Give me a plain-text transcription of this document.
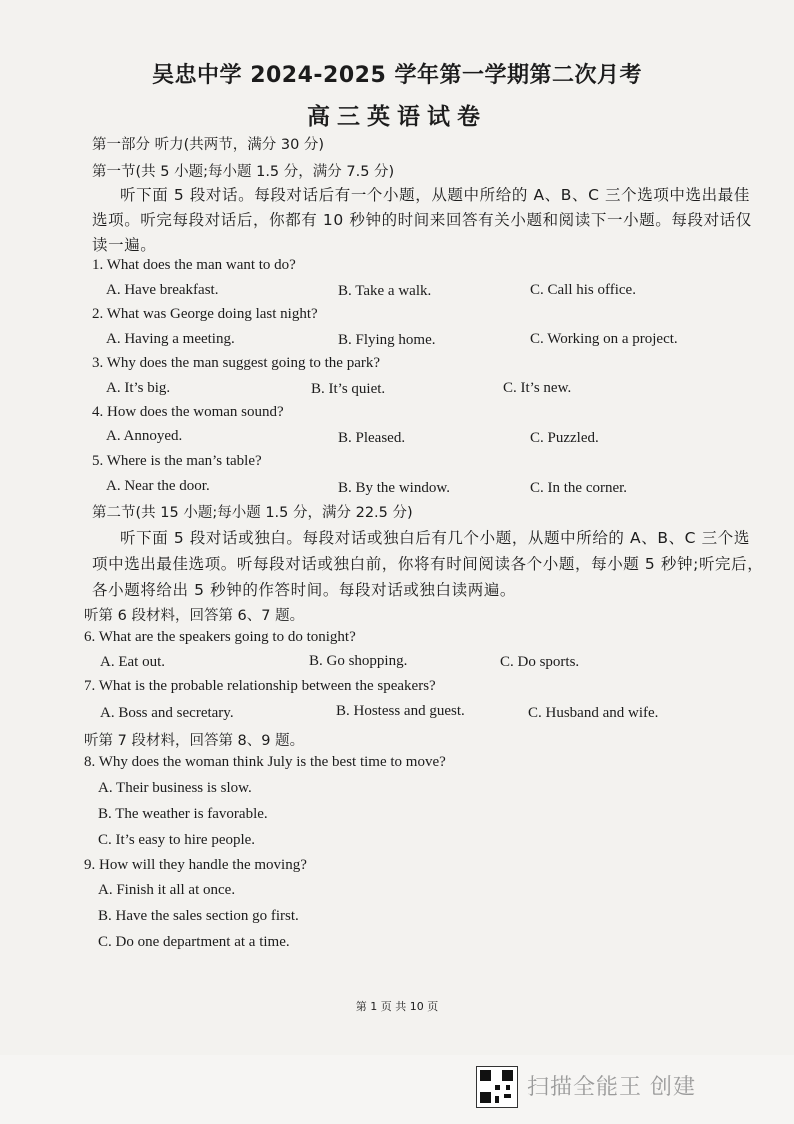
吴忠中学 2024-2025 学年第一学期第二次月考
高三英语试卷
第一部分 听力(共两节，满分 30 分)
第一节(共 5 小题;每小题 1.5 分，满分 7.5 分)
听下面 5 段对话。每段对话后有一个小题，从题中所给的 A、B、C 三个选项中选出最佳
选项。听完每段对话后，你都有 10 秒钟的时间来回答有关小题和阅读下一小题。每段对话仅
读一遍。
1. What does the man want to do?
A. Have breakfast.	B. Take a walk.	C. Call his office.
2. What was George doing last night?
A. Having a meeting.	B. Flying home.	C. Working on a project.
3. Why does the man suggest going to the park?
A. It’s big.	B. It’s quiet.	C. It’s new.
4. How does the woman sound?
A. Annoyed.	B. Pleased.	C. Puzzled.
5. Where is the man’s table?
A. Near the door.	B. By the window.	C. In the corner.
第二节(共 15 小题;每小题 1.5 分，满分 22.5 分)
听下面 5 段对话或独白。每段对话或独白后有几个小题，从题中所给的 A、B、C 三个选
项中选出最佳选项。听每段对话或独白前，你将有时间阅读各个小题，每小题 5 秒钟;听完后，
各小题将给出 5 秒钟的作答时间。每段对话或独白读两遍。
听第 6 段材料，回答第 6、7 题。
6. What are the speakers going to do tonight?
A. Eat out.	B. Go shopping.	C. Do sports.
7. What is the probable relationship between the speakers?
A. Boss and secretary.	B. Hostess and guest.	C. Husband and wife.
听第 7 段材料，回答第 8、9 题。
8. Why does the woman think July is the best time to move?
A. Their business is slow.
B. The weather is favorable.
C. It’s easy to hire people.
9. How will they handle the moving?
A. Finish it all at once.
B. Have the sales section go first.
C. Do one department at a time.
第 1 页 共 10 页
扫描全能王 创建
